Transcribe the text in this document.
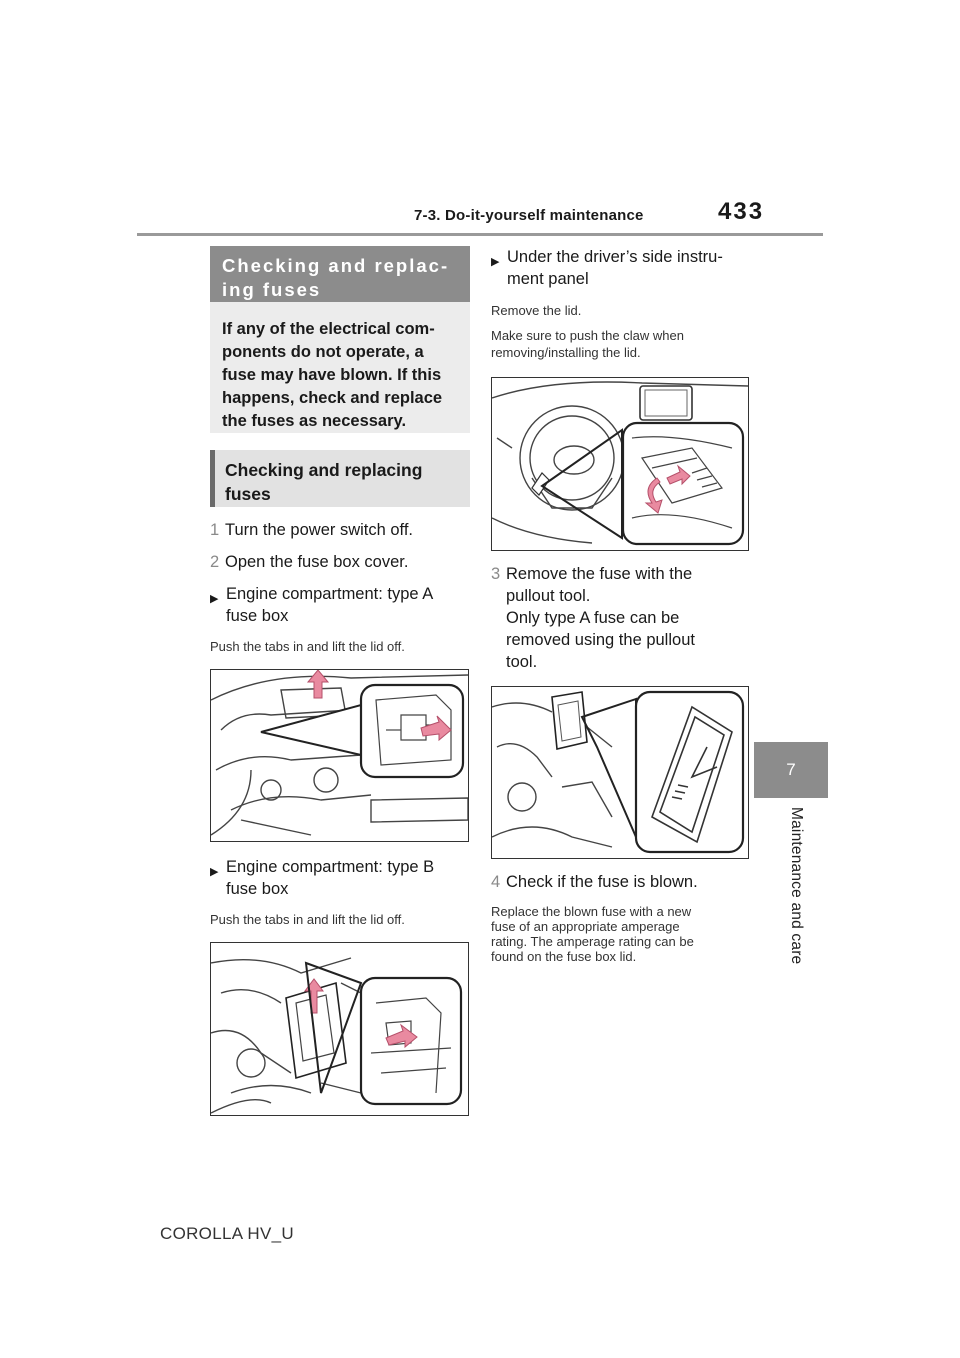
7-3. Do-it-yourself maintenance	433
7
Maintenance and care
Checking and replac-
ing fuses
If any of the electrical com-
ponents do not operate, a
fuse may have blown. If this
happens, check and replace
the fuses as necessary.
Checking and replacing
fuses
1 Turn the power switch off.
2 Open the fuse box cover.
▶ Engine compartment: type A
fuse box
Push the tabs in and lift the lid off.
▶ Engine compartment: type B
fuse box
Push the tabs in and lift the lid off.
▶ Under the driver’s side instru-
ment panel
Remove the lid.
Make sure to push the claw when removing/installing the lid.
3 Remove the fuse with the
pullout tool.
Only type A fuse can be
removed using the pullout
tool.
4 Check if the fuse is blown.
Replace the blown fuse with a new
fuse of an appropriate amperage
rating. The amperage rating can be
found on the fuse box lid.
COROLLA HV_U
